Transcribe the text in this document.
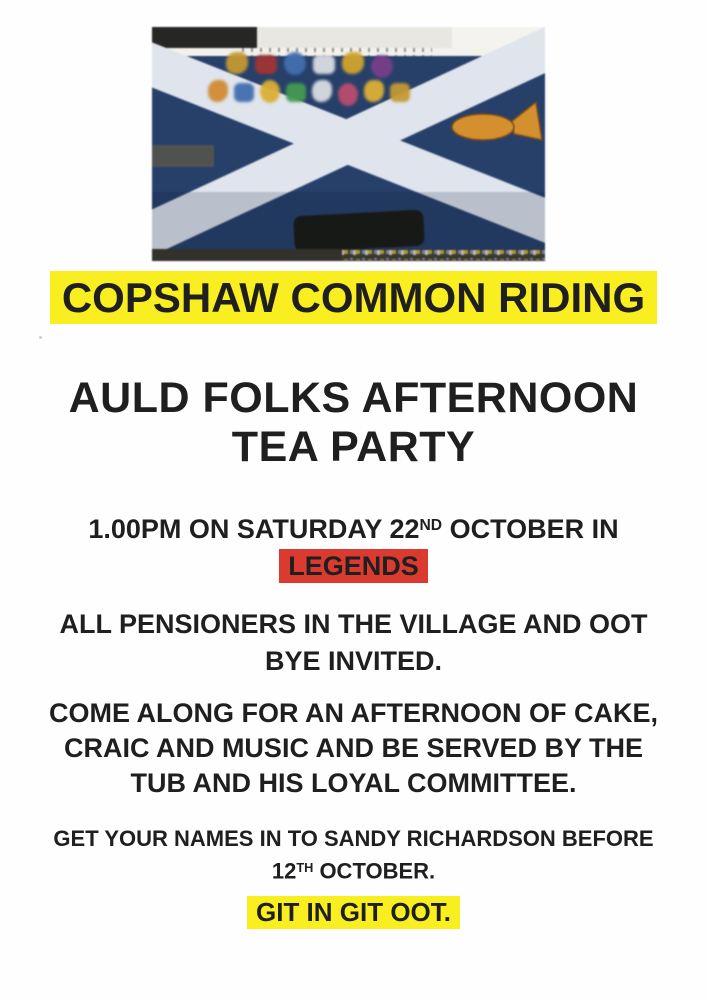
COPSHAW COMMON RIDING
AULD FOLKS AFTERNOON
TEA PARTY
1.00PM ON SATURDAY 22ND OCTOBER IN
LEGENDS
ALL PENSIONERS IN THE VILLAGE AND OOT
BYE INVITED.
COME ALONG FOR AN AFTERNOON OF CAKE,
CRAIC AND MUSIC AND BE SERVED BY THE
TUB AND HIS LOYAL COMMITTEE.
GET YOUR NAMES IN TO SANDY RICHARDSON BEFORE
12TH OCTOBER.
GIT IN GIT OOT.
